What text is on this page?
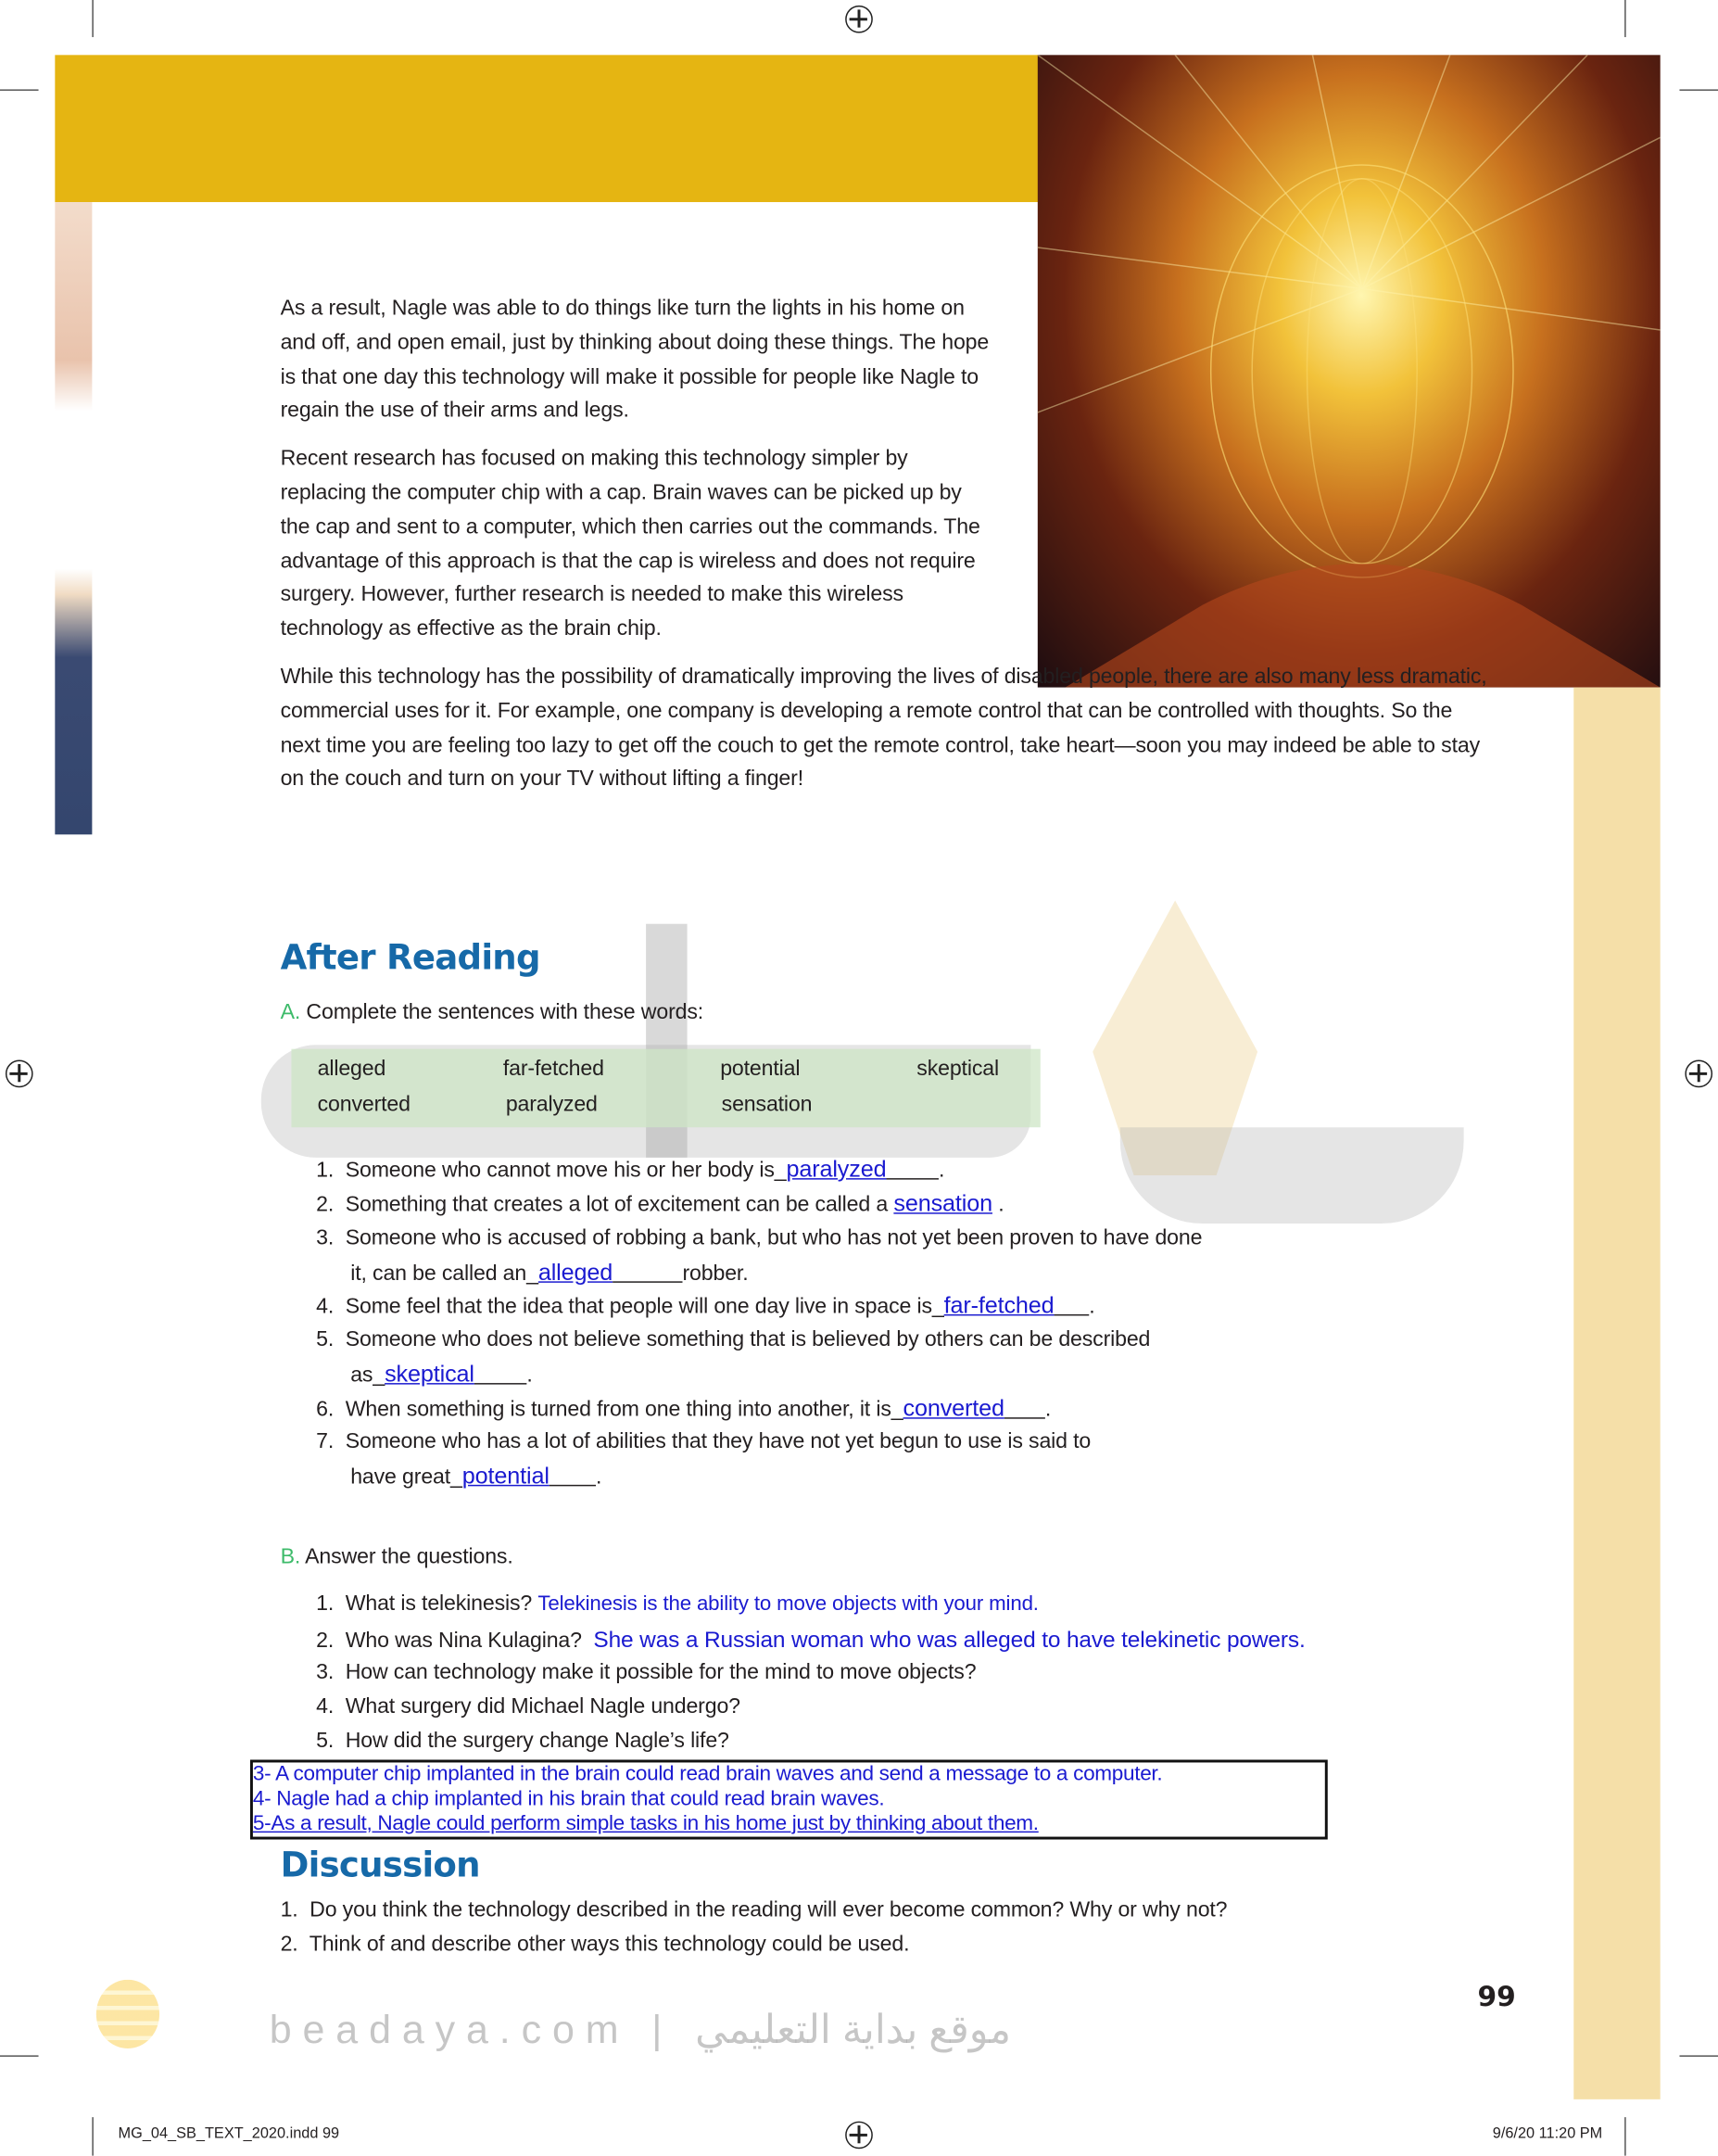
As a result, Nagle was able to do things like turn the lights in his home on and off, and open email, just by thinking about doing these things. The hope is that one day this technology will make it possible for people like Nagle to regain the use of their arms and legs.

Recent research has focused on making this technology simpler by replacing the computer chip with a cap. Brain waves can be picked up by the cap and sent to a computer, which then carries out the commands. The advantage of this approach is that the cap is wireless and does not require surgery. However, further research is needed to make this wireless technology as effective as the brain chip.

While this technology has the possibility of dramatically improving the lives of disabled people, there are also many less dramatic, commercial uses for it. For example, one company is developing a remote control that can be controlled with thoughts. So the next time you are feeling too lazy to get off the couch to get the remote control, take heart—soon you may indeed be able to stay on the couch and turn on your TV without lifting a finger!

After Reading
A. Complete the sentences with these words:
alleged	far-fetched	potential	skeptical
converted	paralyzed	sensation
1. Someone who cannot move his or her body is_paralyzed	.
2. Something that creates a lot of excitement can be called a sensation .
3. Someone who is accused of robbing a bank, but who has not yet been proven to have done
it, can be called an_alleged	robber.
4. Some feel that the idea that people will one day live in space is_far-fetched .
5. Someone who does not believe something that is believed by others can be described
as_skeptical	.
6. When something is turned from one thing into another, it is_converted	.
7. Someone who has a lot of abilities that they have not yet begun to use is said to
have great_potential	.
B. Answer the questions.
1. What is telekinesis? Telekinesis is the ability to move objects with your mind.
2. Who was Nina Kulagina? She was a Russian woman who was alleged to have telekinetic powers.
3. How can technology make it possible for the mind to move objects?
4. What surgery did Michael Nagle undergo?
5. How did the surgery change Nagle’s life?
3- A computer chip implanted in the brain could read brain waves and send a message to a computer.
4- Nagle had a chip implanted in his brain that could read brain waves.
5-As a result, Nagle could perform simple tasks in his home just by thinking about them.
Discussion
1. Do you think the technology described in the reading will ever become common? Why or why not?
2. Think of and describe other ways this technology could be used.
beadaya.com | موقع بداية التعليمي
99
MG_04_SB_TEXT_2020.indd 99	9/6/20 11:20 PM
